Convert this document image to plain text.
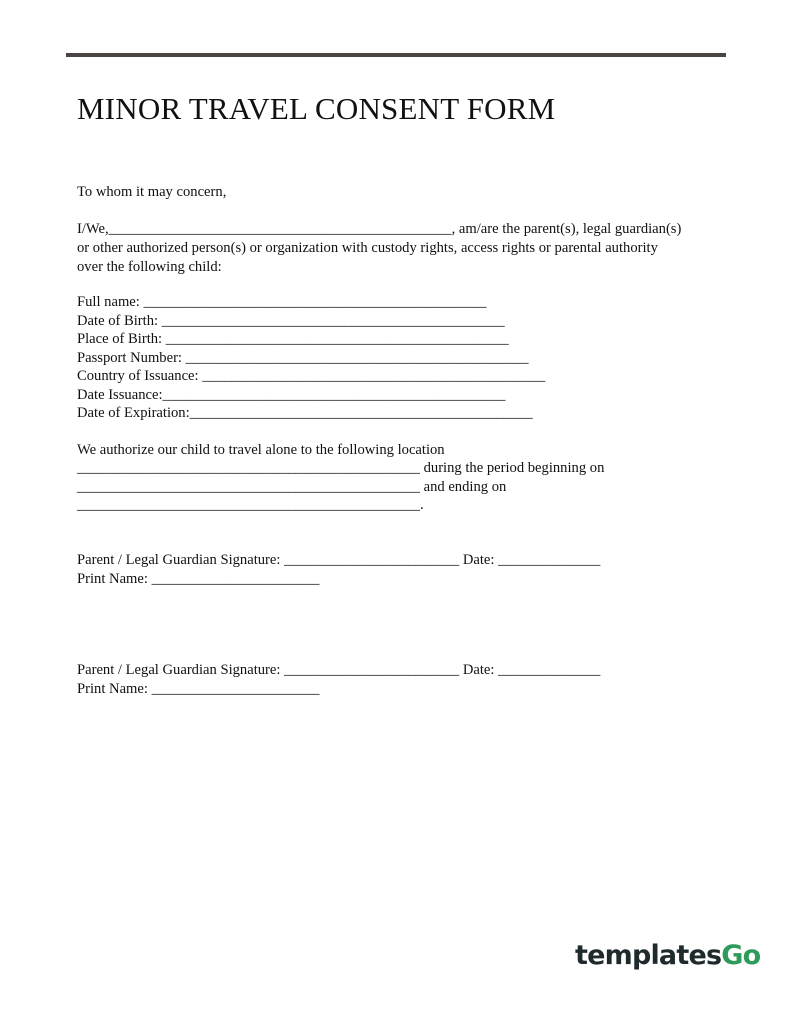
MINOR TRAVEL CONSENT FORM
To whom it may concern,
I/We,_______________________________________________, am/are the parent(s), legal guardian(s)
or other authorized person(s) or organization with custody rights, access rights or parental authority
over the following child:
Full name: _______________________________________________
Date of Birth: _______________________________________________
Place of Birth: _______________________________________________
Passport Number: _______________________________________________
Country of Issuance: _______________________________________________
Date Issuance:_______________________________________________
Date of Expiration:_______________________________________________
We authorize our child to travel alone to the following location
_______________________________________________ during the period beginning on
_______________________________________________ and ending on
_______________________________________________.
Parent / Legal Guardian Signature: ________________________ Date: ______________
Print Name: _______________________
Parent / Legal Guardian Signature: ________________________ Date: ______________
Print Name: _______________________
templatesGo
